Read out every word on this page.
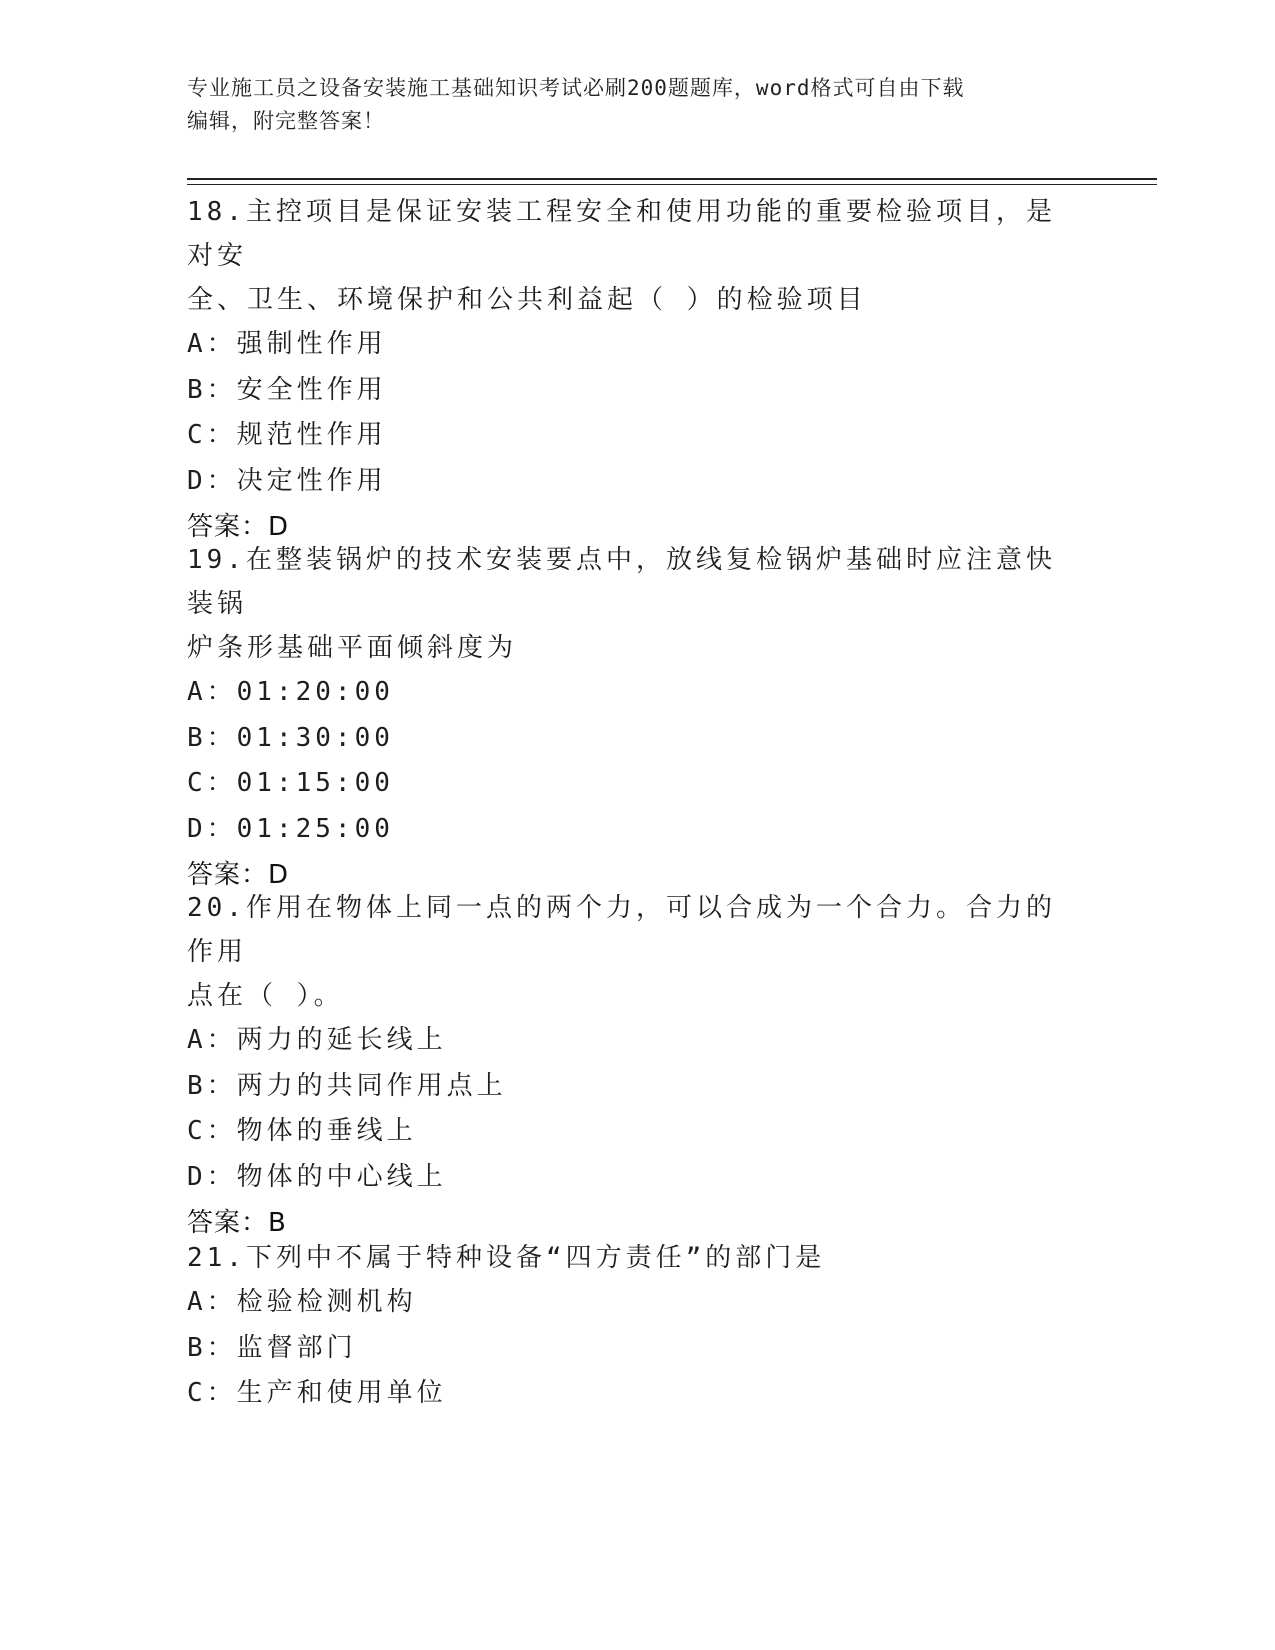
专业施工员之设备安装施工基础知识考试必刷200题题库，word格式可自由下载
编辑，附完整答案！
18.主控项目是保证安装工程安全和使用功能的重要检验项目，是对安
全、卫生、环境保护和公共利益起（ ）的检验项目
A：强制性作用
B：安全性作用
C：规范性作用
D：决定性作用
答案：D
19.在整装锅炉的技术安装要点中，放线复检锅炉基础时应注意快装锅
炉条形基础平面倾斜度为
A：01:20:00
B：01:30:00
C：01:15:00
D：01:25:00
答案：D
20.作用在物体上同一点的两个力，可以合成为一个合力。合力的作用
点在（ ）。
A：两力的延长线上
B：两力的共同作用点上
C：物体的垂线上
D：物体的中心线上
答案：B
21.下列中不属于特种设备“四方责任”的部门是
A：检验检测机构
B：监督部门
C：生产和使用单位
